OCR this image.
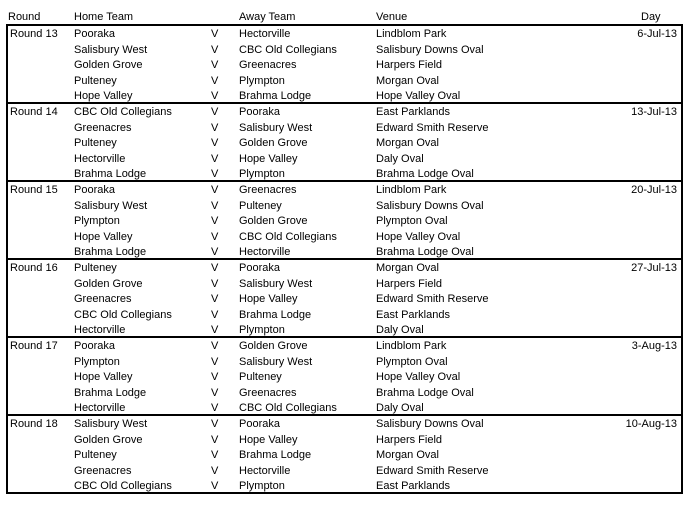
Round	Home Team	Away Team	Venue	Day
Round 13 Pooraka	V Hectorville	Lindblom Park	6-Jul-13
Salisbury West	V CBC Old Collegians	Salisbury Downs Oval
Golden Grove	V Greenacres	Harpers Field
Pulteney	V Plympton	Morgan Oval
Hope Valley	V Brahma Lodge	Hope Valley Oval
Round 14 CBC Old Collegians	V Pooraka	East Parklands	13-Jul-13
Greenacres	V Salisbury West	Edward Smith Reserve
Pulteney	V Golden Grove	Morgan Oval
Hectorville	V Hope Valley	Daly Oval
Brahma Lodge	V Plympton	Brahma Lodge Oval
Round 15 Pooraka	V Greenacres	Lindblom Park	20-Jul-13
Salisbury West	V Pulteney	Salisbury Downs Oval
Plympton	V Golden Grove	Plympton Oval
Hope Valley	V CBC Old Collegians	Hope Valley Oval
Brahma Lodge	V Hectorville	Brahma Lodge Oval
Round 16 Pulteney	V Pooraka	Morgan Oval	27-Jul-13
Golden Grove	V Salisbury West	Harpers Field
Greenacres	V Hope Valley	Edward Smith Reserve
CBC Old Collegians	V Brahma Lodge	East Parklands
Hectorville	V Plympton	Daly Oval
Round 17 Pooraka	V Golden Grove	Lindblom Park	3-Aug-13
Plympton	V Salisbury West	Plympton Oval
Hope Valley	V Pulteney	Hope Valley Oval
Brahma Lodge	V Greenacres	Brahma Lodge Oval
Hectorville	V CBC Old Collegians	Daly Oval
Round 18 Salisbury West	V Pooraka	Salisbury Downs Oval	10-Aug-13
Golden Grove	V Hope Valley	Harpers Field
Pulteney	V Brahma Lodge	Morgan Oval
Greenacres	V Hectorville	Edward Smith Reserve
CBC Old Collegians	V Plympton	East Parklands
